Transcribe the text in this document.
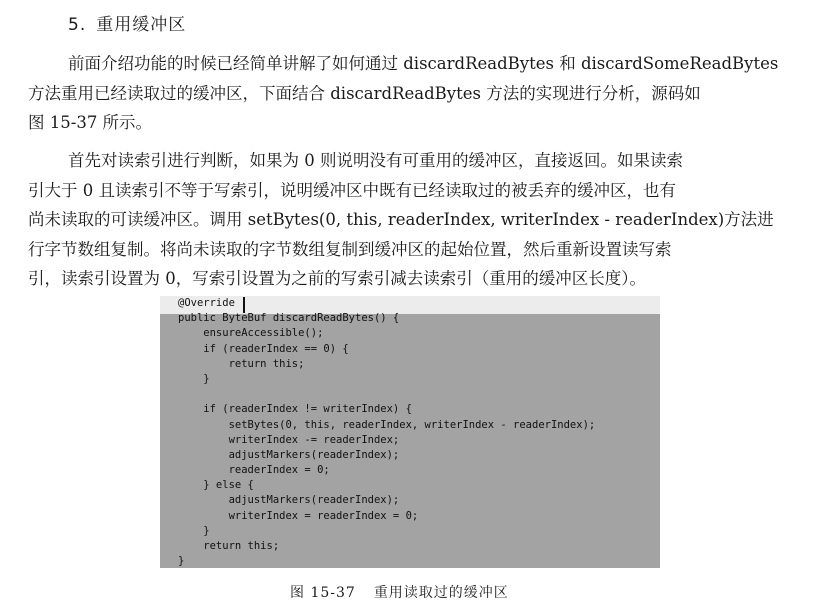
5. 重用缓冲区
前面介绍功能的时候已经简单讲解了如何通过 discardReadBytes 和 discardSomeReadBytes
方法重用已经读取过的缓冲区，下面结合 discardReadBytes 方法的实现进行分析，源码如
图 15-37 所示。
首先对读索引进行判断，如果为 0 则说明没有可重用的缓冲区，直接返回。如果读索
引大于 0 且读索引不等于写索引，说明缓冲区中既有已经读取过的被丢弃的缓冲区，也有
尚未读取的可读缓冲区。调用 setBytes(0, this, readerIndex, writerIndex - readerIndex)方法进
行字节数组复制。将尚未读取的字节数组复制到缓冲区的起始位置，然后重新设置读写索
引，读索引设置为 0，写索引设置为之前的写索引减去读索引（重用的缓冲区长度）。
@Override
public ByteBuf discardReadBytes() {
ensureAccessible();
if (readerIndex == 0) {
return this;
}
if (readerIndex != writerIndex) {
setBytes(0, this, readerIndex, writerIndex - readerIndex);
writerIndex -= readerIndex;
adjustMarkers(readerIndex);
readerIndex = 0;
} else {
adjustMarkers(readerIndex);
writerIndex = readerIndex = 0;
}
return this;
}
图 15-37 重用读取过的缓冲区
